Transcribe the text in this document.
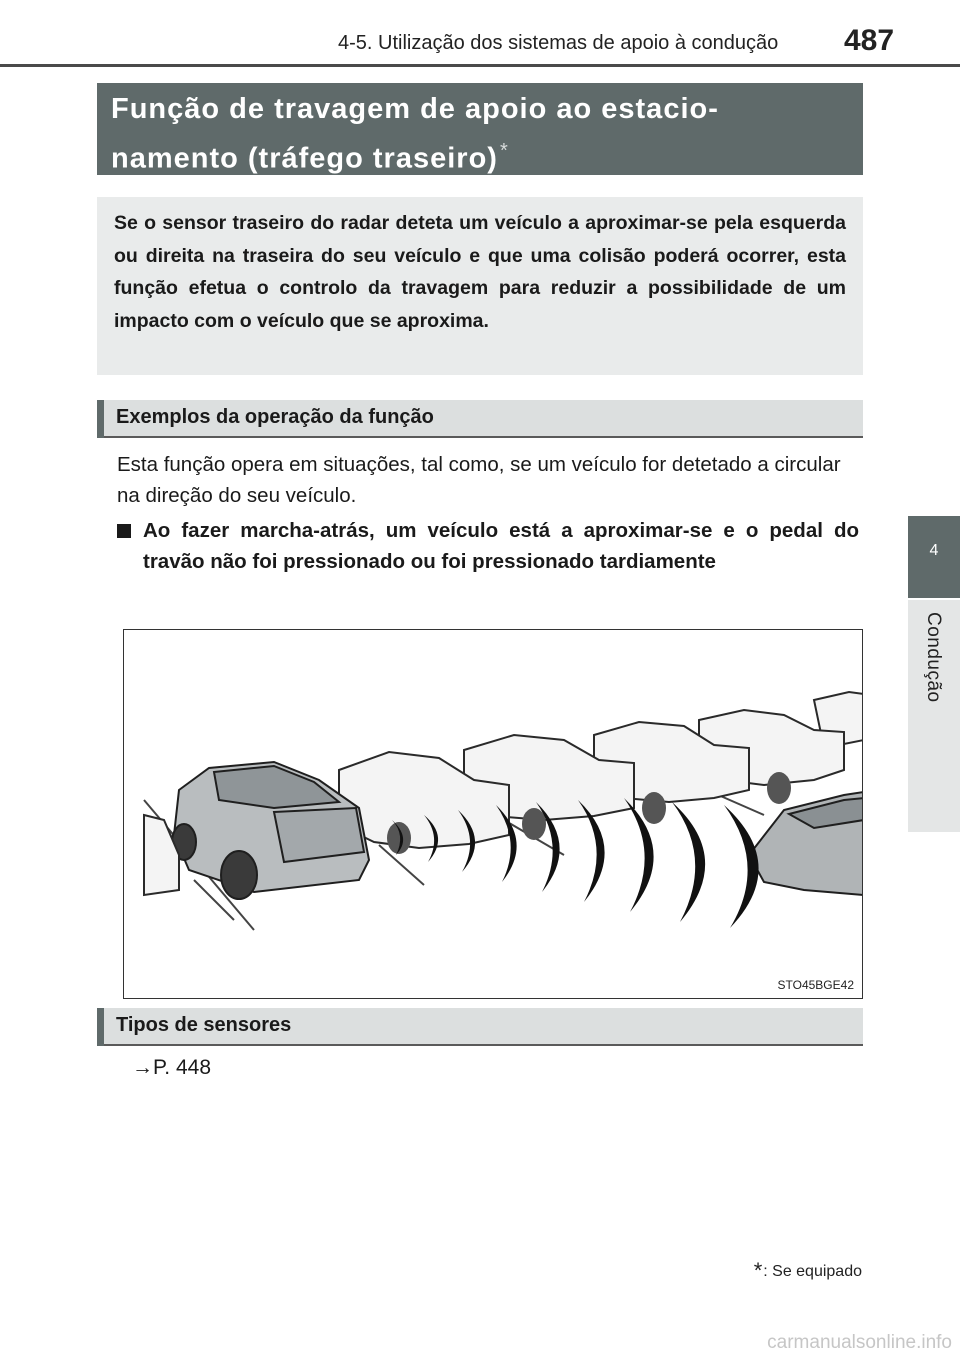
4-5. Utilização dos sistemas de apoio à condução 487
4
Condução
Função de travagem de apoio ao estacio-
namento (tráfego traseiro) *
Se o sensor traseiro do radar deteta um veículo a aproximar-se pela esquerda ou direita na traseira do seu veículo e que uma colisão poderá ocorrer, esta função efetua o controlo da travagem para reduzir a possibilidade de um impacto com o veículo que se aproxima.
Exemplos da operação da função
Esta função opera em situações, tal como, se um veículo for detetado a circular na direção do seu veículo.
Ao fazer marcha-atrás, um veículo está a aproximar-se e o pedal do travão não foi pressionado ou foi pressionado tardiamente
STO45BGE42
Tipos de sensores
→P. 448
*: Se equipado
carmanualsonline.info
